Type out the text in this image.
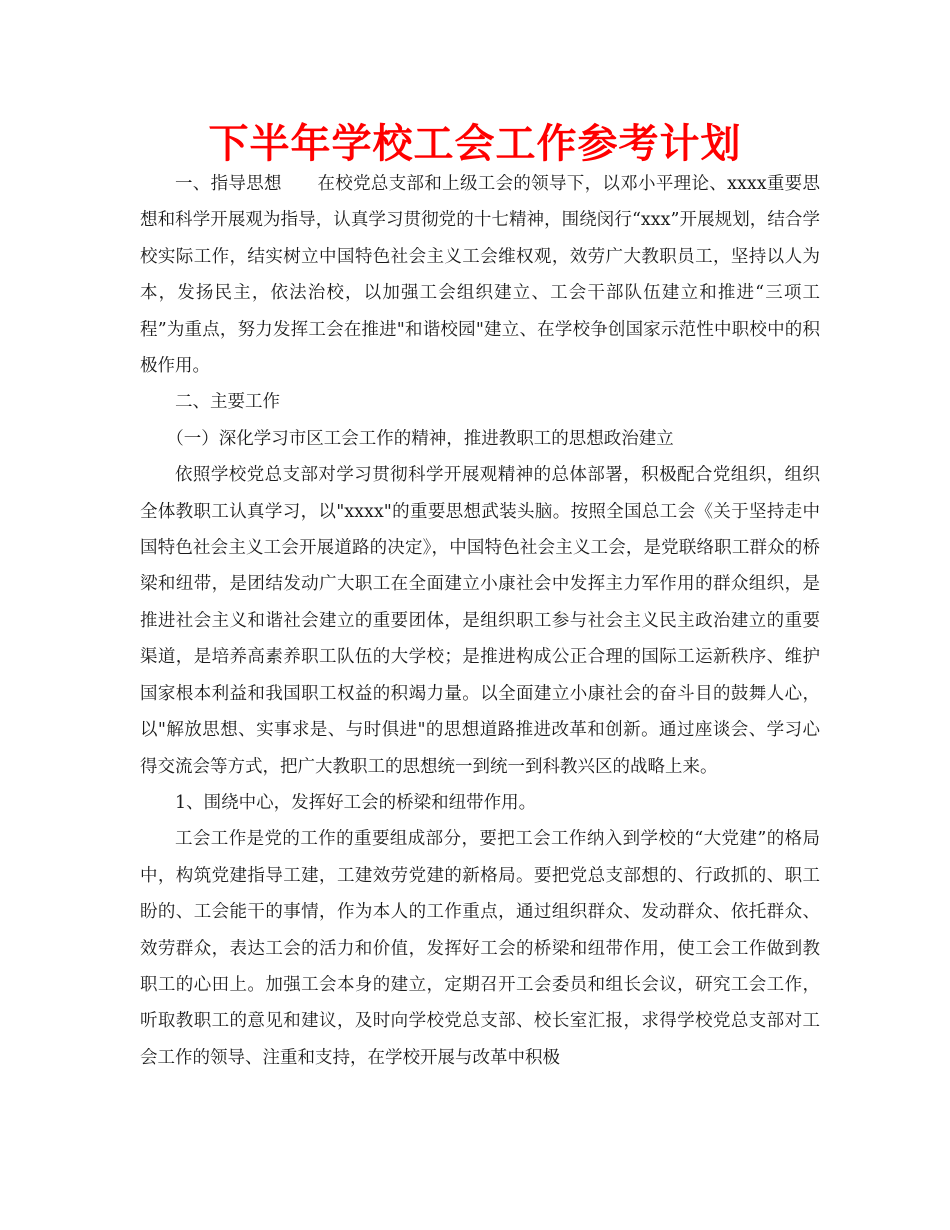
下半年学校工会工作参考计划

一、指导思想　　在校党总支部和上级工会的领导下，以邓小平理论、xxxx重要思想和科学开展观为指导，认真学习贯彻党的十七精神，围绕闵行“xxx”开展规划，结合学校实际工作，结实树立中国特色社会主义工会维权观，效劳广大教职员工，坚持以人为本，发扬民主，依法治校，以加强工会组织建立、工会干部队伍建立和推进“三项工程”为重点，努力发挥工会在推进"和谐校园"建立、在学校争创国家示范性中职校中的积极作用。

二、主要工作

（一）深化学习市区工会工作的精神，推进教职工的思想政治建立

依照学校党总支部对学习贯彻科学开展观精神的总体部署，积极配合党组织，组织全体教职工认真学习，以"xxxx"的重要思想武装头脑。按照全国总工会《关于坚持走中国特色社会主义工会开展道路的决定》，中国特色社会主义工会，是党联络职工群众的桥梁和纽带，是团结发动广大职工在全面建立小康社会中发挥主力军作用的群众组织，是推进社会主义和谐社会建立的重要团体，是组织职工参与社会主义民主政治建立的重要渠道，是培养高素养职工队伍的大学校；是推进构成公正合理的国际工运新秩序、维护国家根本利益和我国职工权益的积竭力量。以全面建立小康社会的奋斗目的鼓舞人心，以"解放思想、实事求是、与时俱进"的思想道路推进改革和创新。通过座谈会、学习心得交流会等方式，把广大教职工的思想统一到统一到科教兴区的战略上来。

1、围绕中心，发挥好工会的桥梁和纽带作用。

工会工作是党的工作的重要组成部分，要把工会工作纳入到学校的“大党建”的格局中，构筑党建指导工建，工建效劳党建的新格局。要把党总支部想的、行政抓的、职工盼的、工会能干的事情，作为本人的工作重点，通过组织群众、发动群众、依托群众、效劳群众，表达工会的活力和价值，发挥好工会的桥梁和纽带作用，使工会工作做到教职工的心田上。加强工会本身的建立，定期召开工会委员和组长会议，研究工会工作，听取教职工的意见和建议，及时向学校党总支部、校长室汇报，求得学校党总支部对工会工作的领导、注重和支持，在学校开展与改革中积极
